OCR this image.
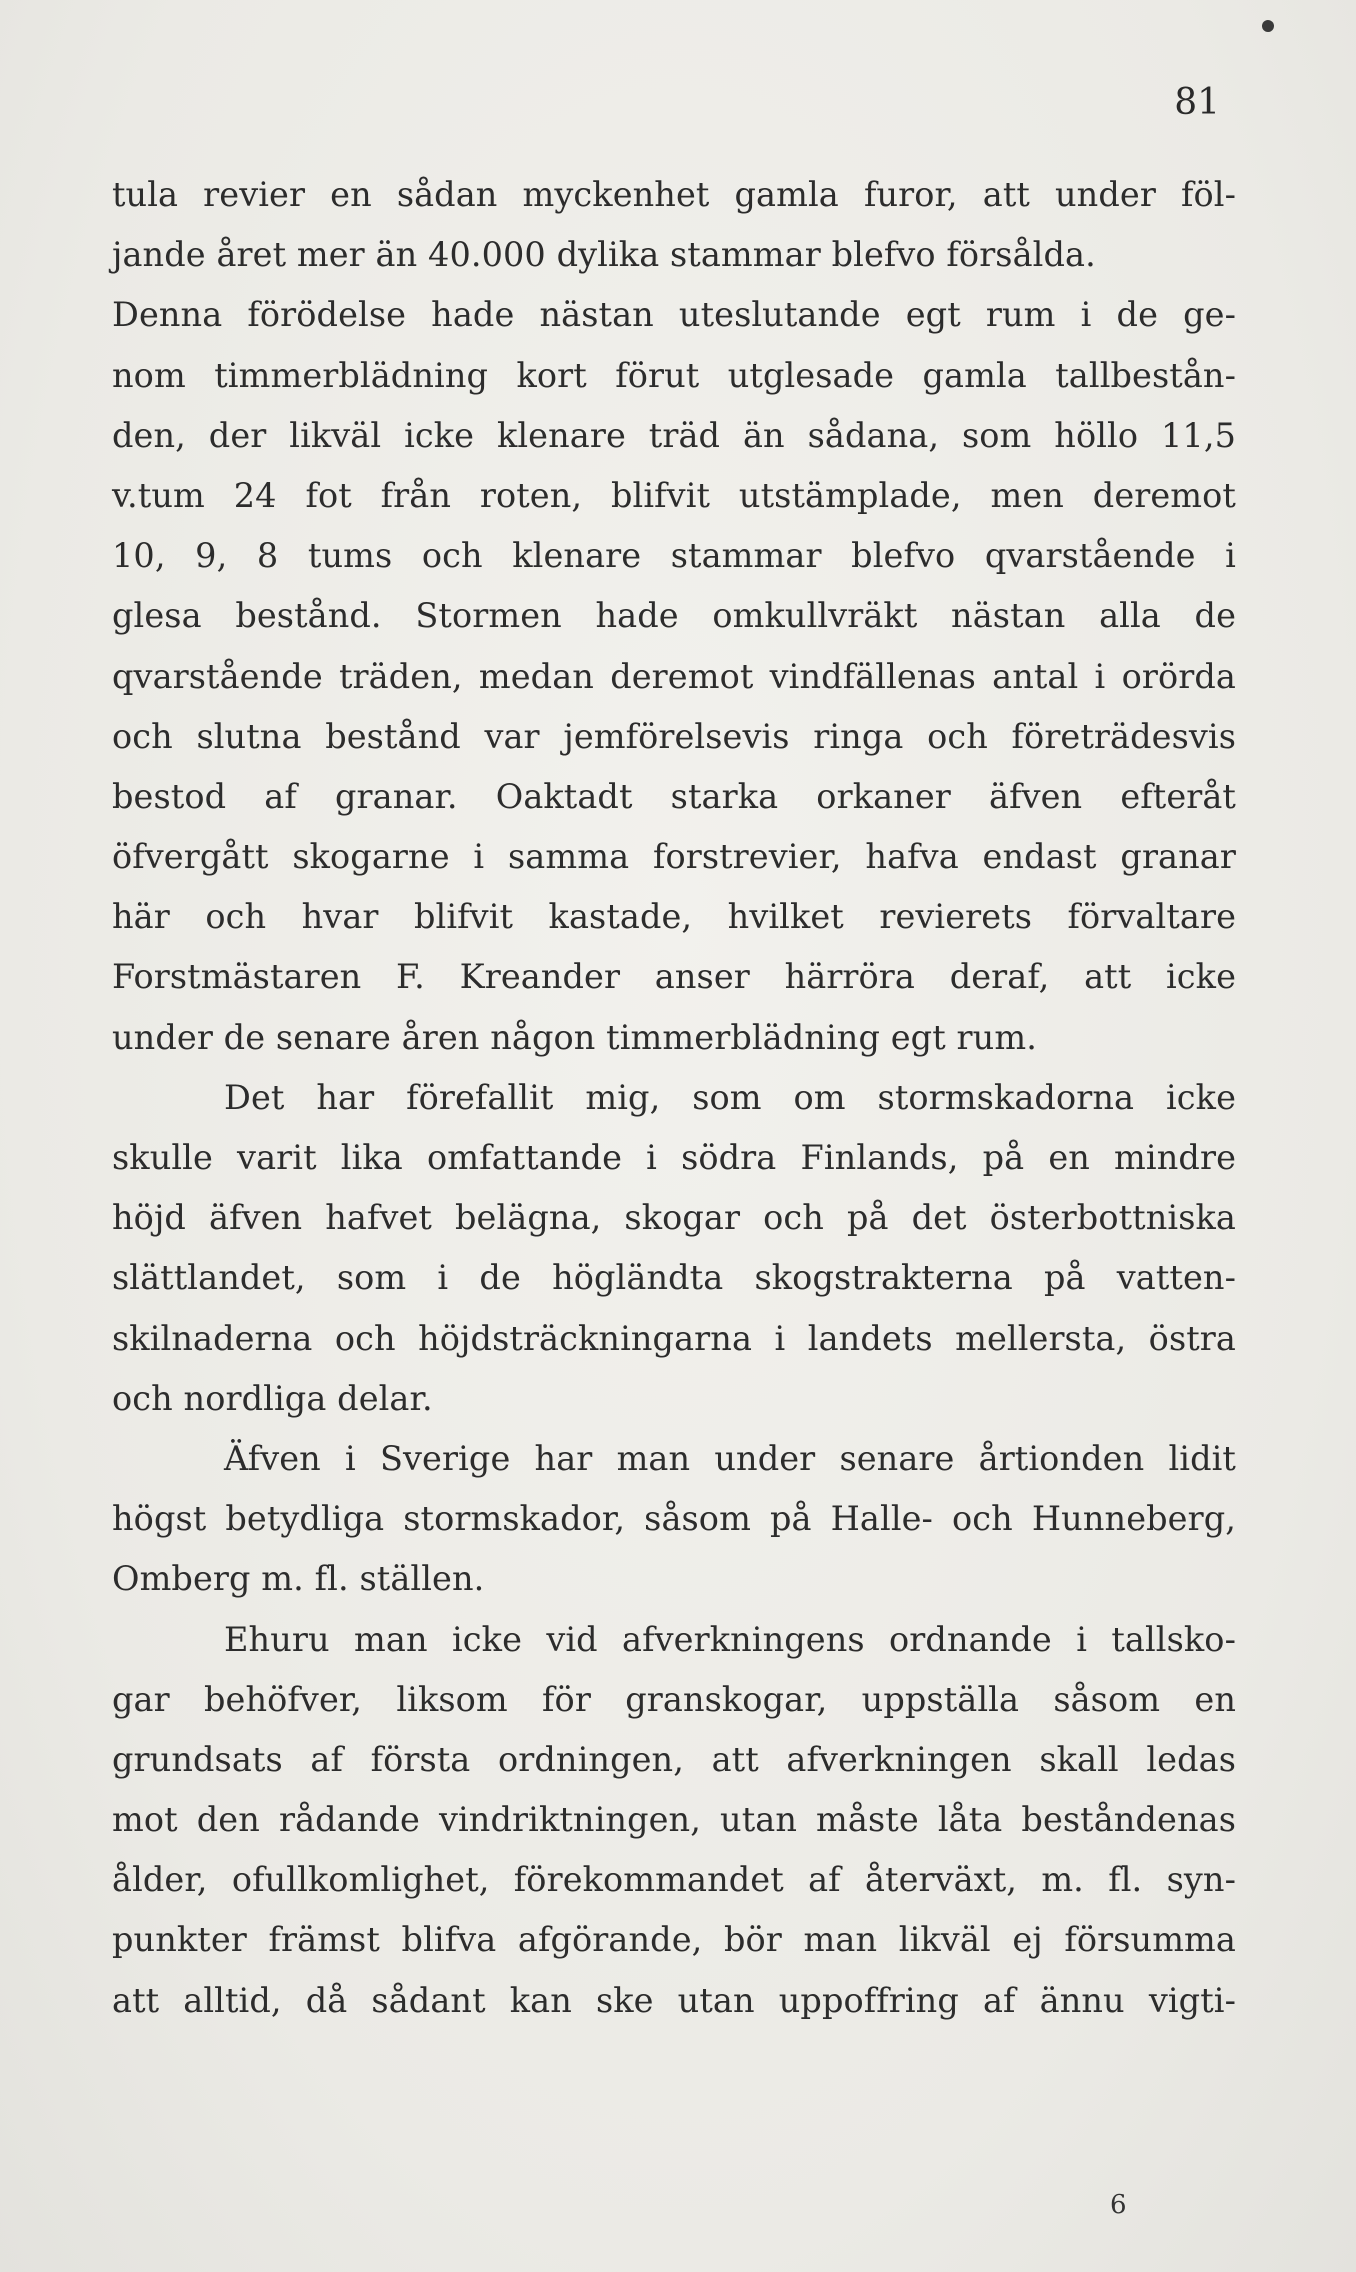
81
tula revier en sådan myckenhet gamla furor, att under föl-
jande året mer än 40.000 dylika stammar blefvo försålda.
Denna förödelse hade nästan uteslutande egt rum i de ge-
nom timmerblädning kort förut utglesade gamla tallbestån-
den, der likväl icke klenare träd än sådana, som höllo 11,5
v.tum 24 fot från roten, blifvit utstämplade, men deremot
10, 9, 8 tums och klenare stammar blefvo qvarstående i
glesa bestånd. Stormen hade omkullvräkt nästan alla de
qvarstående träden, medan deremot vindfällenas antal i orörda
och slutna bestånd var jemförelsevis ringa och företrädesvis
bestod af granar. Oaktadt starka orkaner äfven efteråt
öfvergått skogarne i samma forstrevier, hafva endast granar
här och hvar blifvit kastade, hvilket revierets förvaltare
Forstmästaren F. Kreander anser härröra deraf, att icke
under de senare åren någon timmerblädning egt rum.
Det har förefallit mig, som om stormskadorna icke
skulle varit lika omfattande i södra Finlands, på en mindre
höjd äfven hafvet belägna, skogar och på det österbottniska
slättlandet, som i de högländta skogstrakterna på vatten-
skilnaderna och höjdsträckningarna i landets mellersta, östra
och nordliga delar.
Äfven i Sverige har man under senare årtionden lidit
högst betydliga stormskador, såsom på Halle- och Hunneberg,
Omberg m. fl. ställen.
Ehuru man icke vid afverkningens ordnande i tallsko-
gar behöfver, liksom för granskogar, uppställa såsom en
grundsats af första ordningen, att afverkningen skall ledas
mot den rådande vindriktningen, utan måste låta beståndenas
ålder, ofullkomlighet, förekommandet af återväxt, m. fl. syn-
punkter främst blifva afgörande, bör man likväl ej försumma
att alltid, då sådant kan ske utan uppoffring af ännu vigti-
6
